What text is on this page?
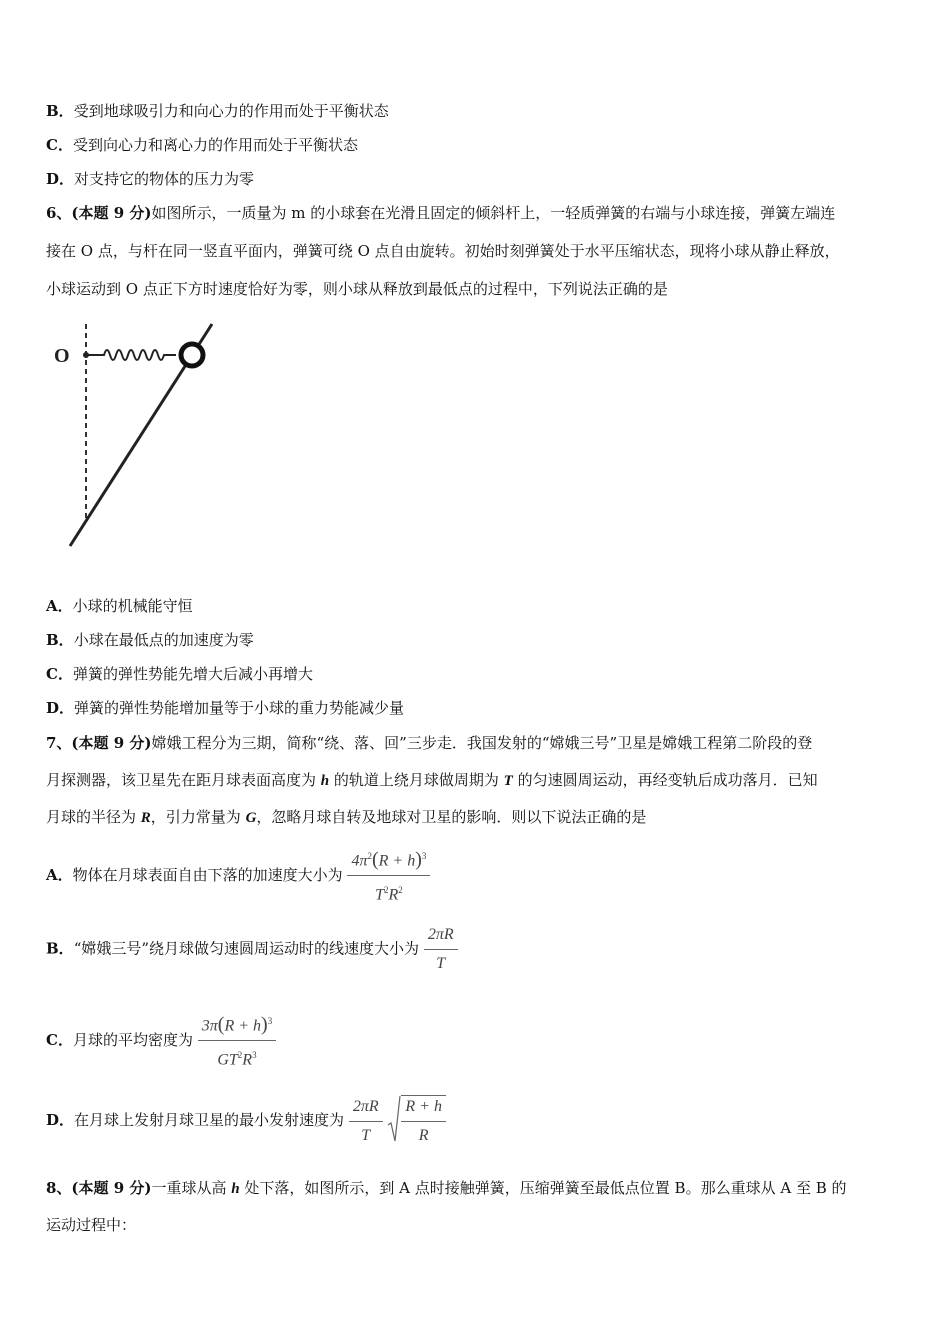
B．受到地球吸引力和向心力的作用而处于平衡状态
C．受到向心力和离心力的作用而处于平衡状态
D．对支持它的物体的压力为零
6、(本题 9 分)如图所示，一质量为 m 的小球套在光滑且固定的倾斜杆上，一轻质弹簧的右端与小球连接，弹簧左端连
接在 O 点，与杆在同一竖直平面内，弹簧可绕 O 点自由旋转。初始时刻弹簧处于水平压缩状态，现将小球从静止释放，
小球运动到 O 点正下方时速度恰好为零，则小球从释放到最低点的过程中，下列说法正确的是
O
A．小球的机械能守恒
B．小球在最低点的加速度为零
C．弹簧的弹性势能先增大后减小再增大
D．弹簧的弹性势能增加量等于小球的重力势能减少量
7、(本题 9 分)嫦娥工程分为三期，简称“绕、落、回”三步走．我国发射的“嫦娥三号”卫星是嫦娥工程第二阶段的登
月探测器，该卫星先在距月球表面高度为 h 的轨道上绕月球做周期为 T 的匀速圆周运动，再经变轨后成功落月．已知
月球的半径为 R，引力常量为 G，忽略月球自转及地球对卫星的影响．则以下说法正确的是
A．物体在月球表面自由下落的加速度大小为 $\frac{4\pi^2(R + h)^3}{T^2R^2}$
B．“嫦娥三号”绕月球做匀速圆周运动时的线速度大小为 $\frac{2\pi R}{T}$
C．月球的平均密度为 $\frac{3\pi(R + h)^3}{GT^2R^3}$
D．在月球上发射月球卫星的最小发射速度为 $\frac{2\pi R}{T}$
$\frac{R + h}{R}$
8、(本题 9 分)一重球从高 h 处下落，如图所示，到 A 点时接触弹簧，压缩弹簧至最低点位置 B。那么重球从 A 至 B 的
运动过程中：
